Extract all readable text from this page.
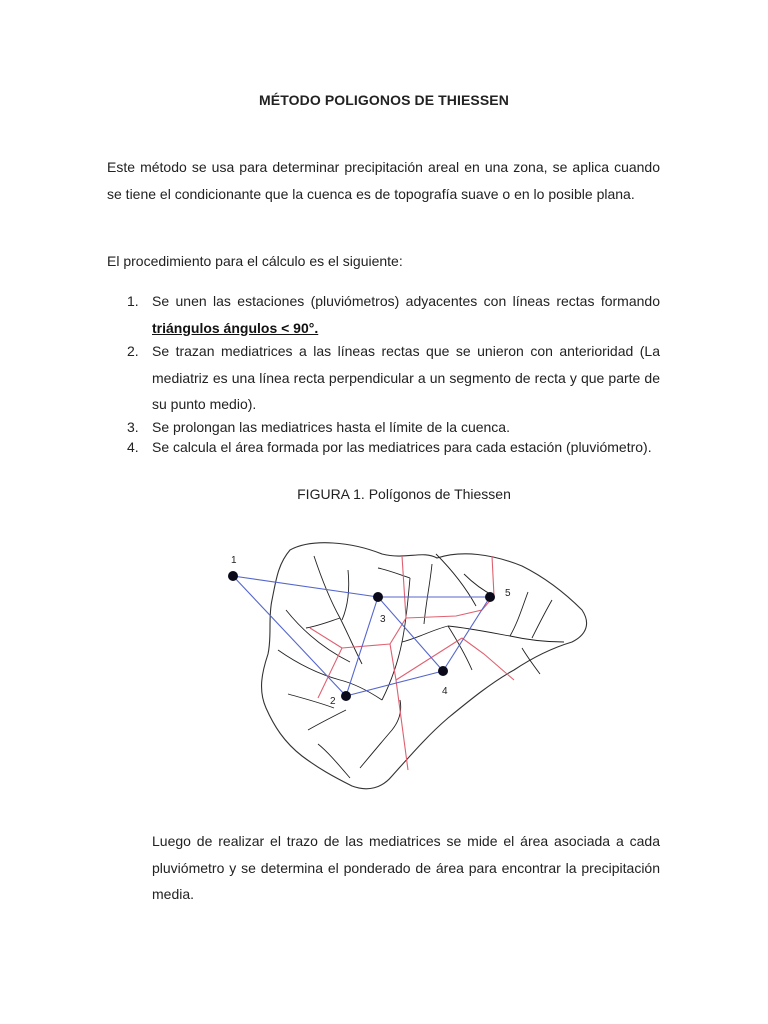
MÉTODO POLIGONOS DE THIESSEN

Este método se usa para determinar precipitación areal en una zona, se aplica cuando se tiene el condicionante que la cuenca es de topografía suave o en lo posible plana.

El procedimiento para el cálculo es el siguiente:

1. Se unen las estaciones (pluviómetros) adyacentes con líneas rectas formando triángulos ángulos < 90°.
2. Se trazan mediatrices a las líneas rectas que se unieron con anterioridad (La mediatriz es una línea recta perpendicular a un segmento de recta y que parte de su punto medio).
3. Se prolongan las mediatrices hasta el límite de la cuenca.
4. Se calcula el área formada por las mediatrices para cada estación (pluviómetro).
FIGURA 1. Polígonos de Thiessen
1
2
3
4
5

Luego de realizar el trazo de las mediatrices se mide el área asociada a cada pluviómetro y se determina el ponderado de área para encontrar la precipitación media.
